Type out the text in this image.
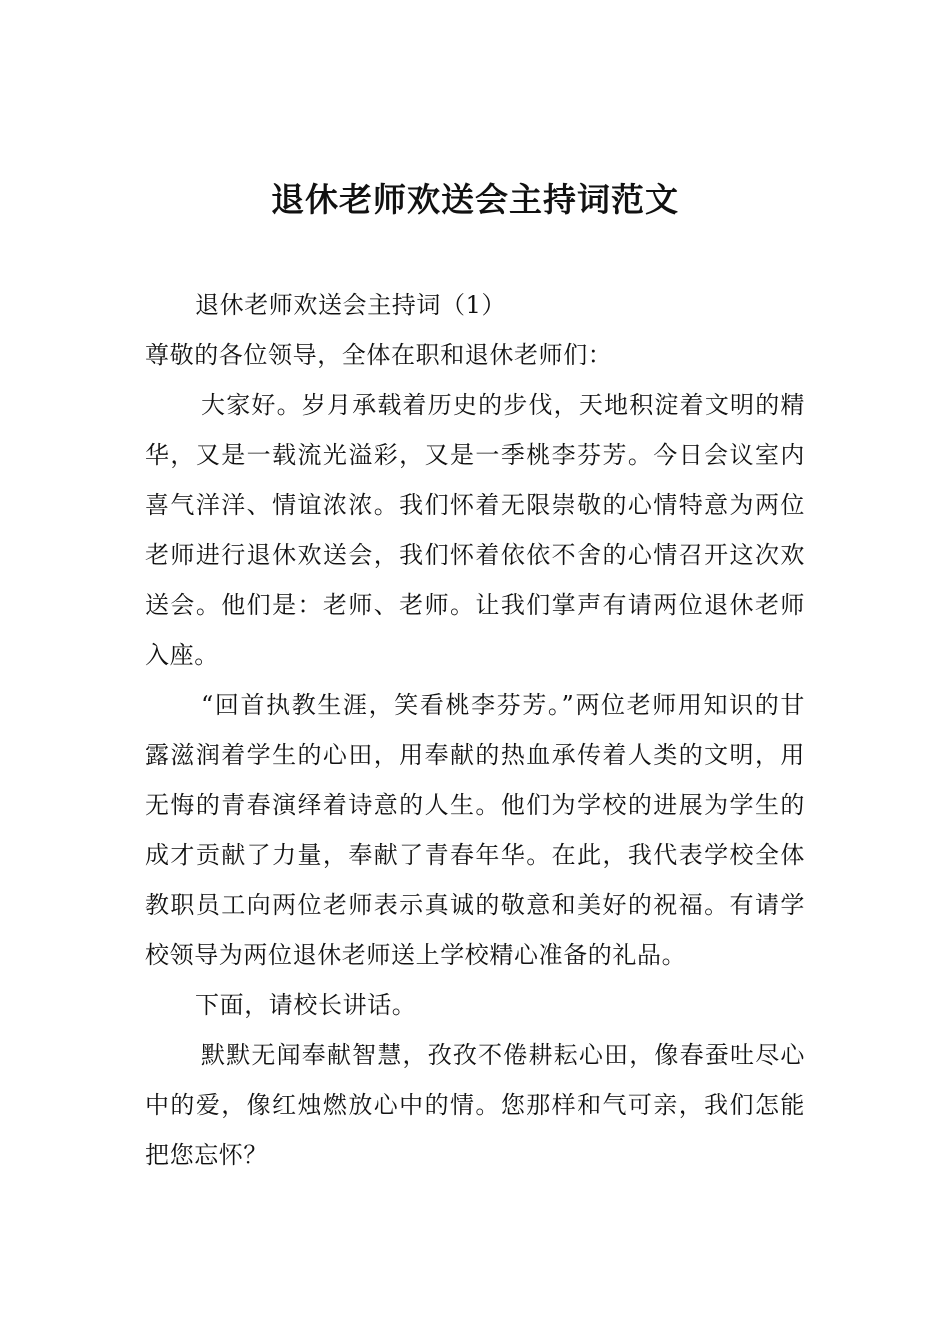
退休老师欢送会主持词范文

退休老师欢送会主持词（1）

尊敬的各位领导，全体在职和退休老师们：

大家好。岁月承载着历史的步伐，天地积淀着文明的精华，又是一载流光溢彩，又是一季桃李芬芳。今日会议室内喜气洋洋、情谊浓浓。我们怀着无限崇敬的心情特意为两位老师进行退休欢送会，我们怀着依依不舍的心情召开这次欢送会。他们是：老师、老师。让我们掌声有请两位退休老师入座。

“回首执教生涯，笑看桃李芬芳。”两位老师用知识的甘露滋润着学生的心田，用奉献的热血承传着人类的文明，用无悔的青春演绎着诗意的人生。他们为学校的进展为学生的成才贡献了力量，奉献了青春年华。在此，我代表学校全体教职员工向两位老师表示真诚的敬意和美好的祝福。有请学校领导为两位退休老师送上学校精心准备的礼品。

下面，请校长讲话。

默默无闻奉献智慧，孜孜不倦耕耘心田，像春蚕吐尽心中的爱，像红烛燃放心中的情。您那样和气可亲，我们怎能把您忘怀？
